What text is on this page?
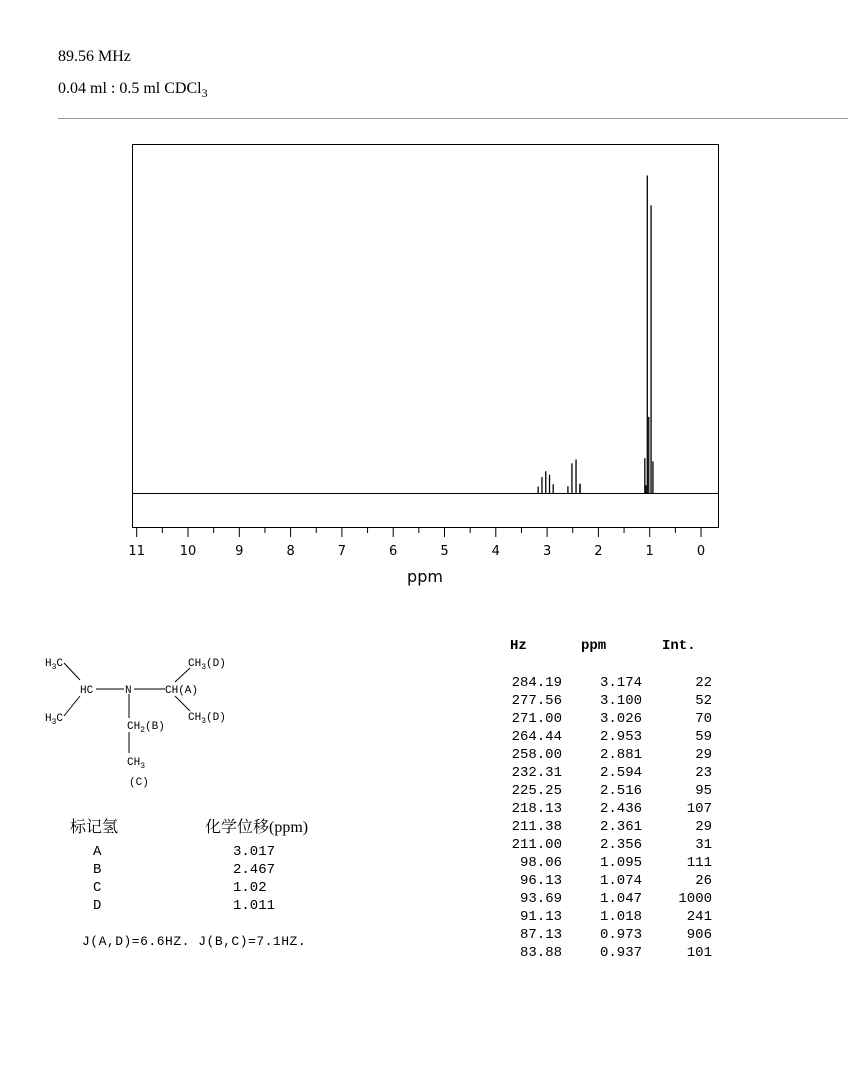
89.56 MHz
0.04 ml : 0.5 ml CDCl$_3$
11	10	9	8	7	6	5	4	3	2	1	0
ppm
$H_3C$
HC
$H_3C$
N	CH(A)
$CH_3(D)$
$CH_3(D)$
$CH_2(B)$
$CH_3$
(C)
标记氢	化学位移(ppm)
A	3.017
B	2.467
C	1.02
D	1.011
J(A,D)=6.6HZ. J(B,C)=7.1HZ.
Hz	ppm	Int.
284.19	3.174	22
277.56	3.100	52
271.00	3.026	70
264.44	2.953	59
258.00	2.881	29
232.31	2.594	23
225.25	2.516	95
218.13	2.436	107
211.38	2.361	29
211.00	2.356	31
98.06	1.095	111
96.13	1.074	26
93.69	1.047	1000
91.13	1.018	241
87.13	0.973	906
83.88	0.937	101
